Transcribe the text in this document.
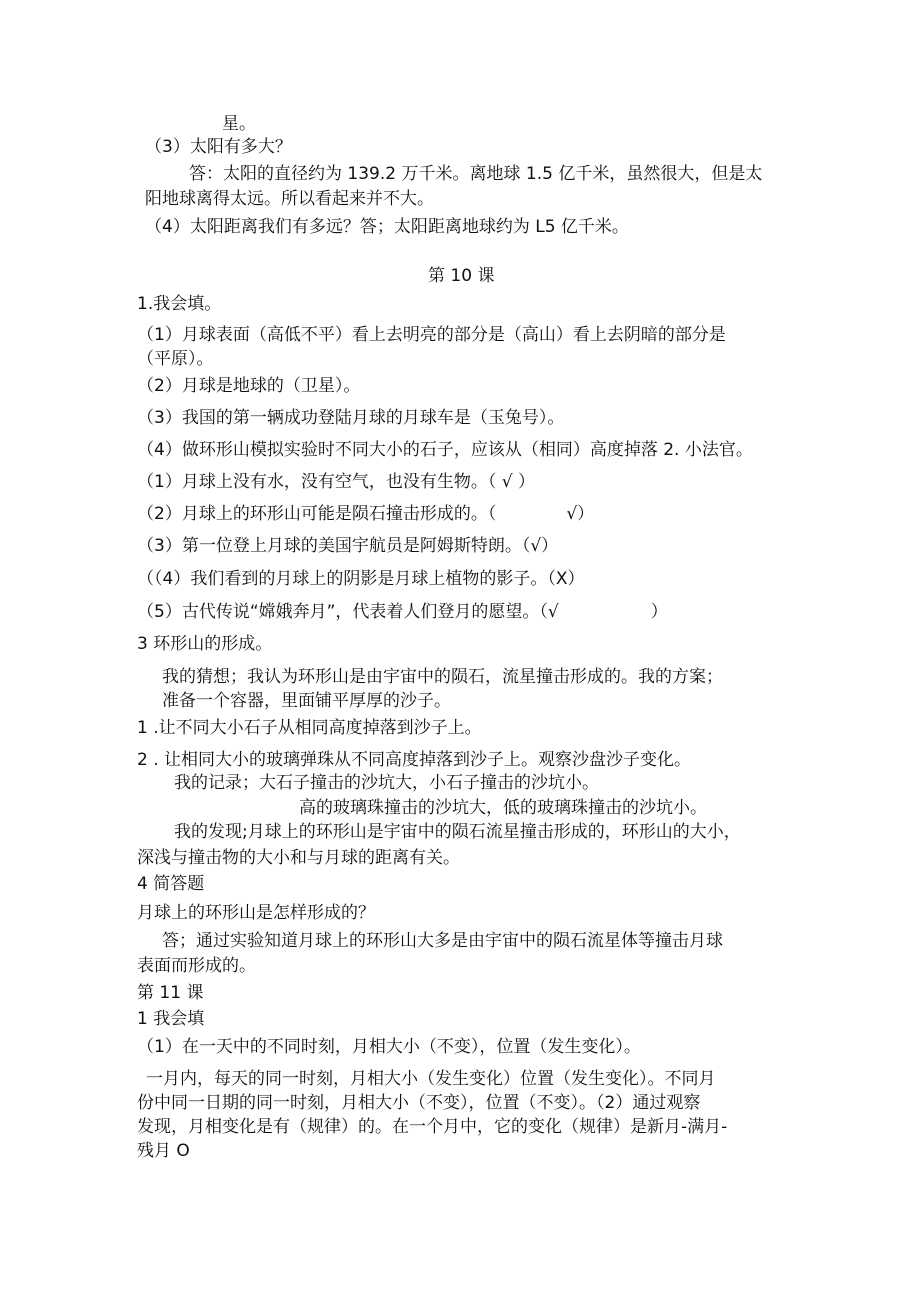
星。

（3）太阳有多大？

答：太阳的直径约为 139.2 万千米。离地球 1.5 亿千米，虽然很大，但是太

阳地球离得太远。所以看起来并不大。

（4）太阳距离我们有多远？答；太阳距离地球约为 L5 亿千米。

第 10 课

1.我会填。

（1）月球表面（高低不平）看上去明亮的部分是（高山）看上去阴暗的部分是

（平原）。

（2）月球是地球的（卫星）。

（3）我国的第一辆成功登陆月球的月球车是（玉兔号）。

（4）做环形山模拟实验时不同大小的石子，应该从（相同）高度掉落 2. 小法官。

（1）月球上没有水，没有空气，也没有生物。（ √ ）

（2）月球上的环形山可能是陨石撞击形成的。（	√）

（3）第一位登上月球的美国宇航员是阿姆斯特朗。（√）

（（4）我们看到的月球上的阴影是月球上植物的影子。（X）

（5）古代传说“嫦娥奔月”，代表着人们登月的愿望。（√	）

3 环形山的形成。

我的猜想；我认为环形山是由宇宙中的陨石，流星撞击形成的。我的方案；

准备一个容器，里面铺平厚厚的沙子。

1 .让不同大小石子从相同高度掉落到沙子上。

2 . 让相同大小的玻璃弹珠从不同高度掉落到沙子上。观察沙盘沙子变化。

我的记录；大石子撞击的沙坑大，小石子撞击的沙坑小。

高的玻璃珠撞击的沙坑大，低的玻璃珠撞击的沙坑小。

我的发现;月球上的环形山是宇宙中的陨石流星撞击形成的，环形山的大小，

深浅与撞击物的大小和与月球的距离有关。

4 简答题

月球上的环形山是怎样形成的？

答；通过实验知道月球上的环形山大多是由宇宙中的陨石流星体等撞击月球

表面而形成的。

第 11 课

1 我会填

（1）在一天中的不同时刻，月相大小（不变），位置（发生变化）。

一月内，每天的同一时刻，月相大小（发生变化）位置（发生变化）。不同月

份中同一日期的同一时刻，月相大小（不变），位置（不变）。（2）通过观察

发现，月相变化是有（规律）的。在一个月中，它的变化（规律）是新月-满月-

残月 O
